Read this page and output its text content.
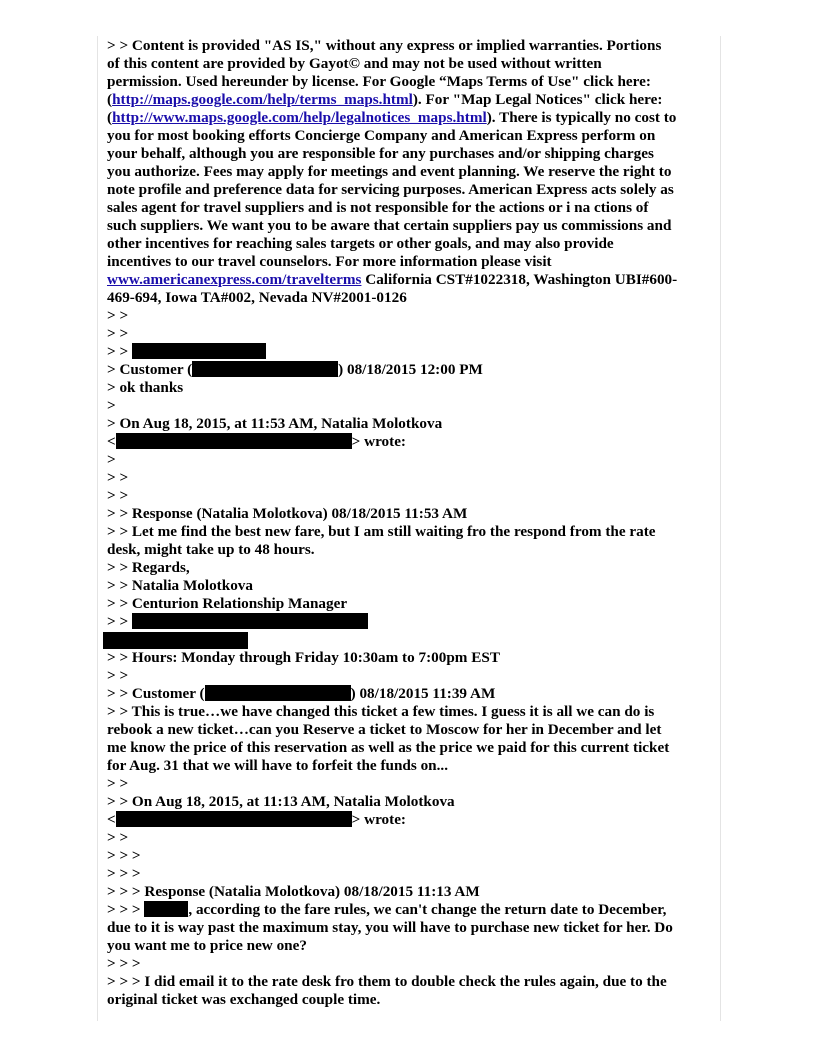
> > Content is provided "AS IS," without any express or implied warranties. Portions
of this content are provided by Gayot© and may not be used without written
permission. Used hereunder by license. For Google “Maps Terms of Use" click here:
(http://maps.google.com/help/terms_maps.html). For "Map Legal Notices" click here:
(http://www.maps.google.com/help/legalnotices_maps.html). There is typically no cost to
you for most booking efforts Concierge Company and American Express perform on
your behalf, although you are responsible for any purchases and/or shipping charges
you authorize. Fees may apply for meetings and event planning. We reserve the right to
note profile and preference data for servicing purposes. American Express acts solely as
sales agent for travel suppliers and is not responsible for the actions or i na ctions of
such suppliers. We want you to be aware that certain suppliers pay us commissions and
other incentives for reaching sales targets or other goals, and may also provide
incentives to our travel counselors. For more information please visit
www.americanexpress.com/travelterms California CST#1022318, Washington UBI#600-
469-694, Iowa TA#002, Nevada NV#2001-0126
> >
> >
> >
> Customer (	) 08/18/2015 12:00 PM
> ok thanks
>
> On Aug 18, 2015, at 11:53 AM, Natalia Molotkova
<	> wrote:
>
> >
> >
> > Response (Natalia Molotkova) 08/18/2015 11:53 AM
> > Let me find the best new fare, but I am still waiting fro the respond from the rate
desk, might take up to 48 hours.
> > Regards,
> > Natalia Molotkova
> > Centurion Relationship Manager
> >
> > Hours: Monday through Friday 10:30am to 7:00pm EST
> >
> > Customer (	) 08/18/2015 11:39 AM
> > This is true…we have changed this ticket a few times. I guess it is all we can do is
rebook a new ticket…can you Reserve a ticket to Moscow for her in December and let
me know the price of this reservation as well as the price we paid for this current ticket
for Aug. 31 that we will have to forfeit the funds on...
> >
> > On Aug 18, 2015, at 11:13 AM, Natalia Molotkova
<	> wrote:
> >
> > >
> > >
> > > Response (Natalia Molotkova) 08/18/2015 11:13 AM
> > >	, according to the fare rules, we can't change the return date to December,
due to it is way past the maximum stay, you will have to purchase new ticket for her. Do
you want me to price new one?
> > >
> > > I did email it to the rate desk fro them to double check the rules again, due to the
original ticket was exchanged couple time.
